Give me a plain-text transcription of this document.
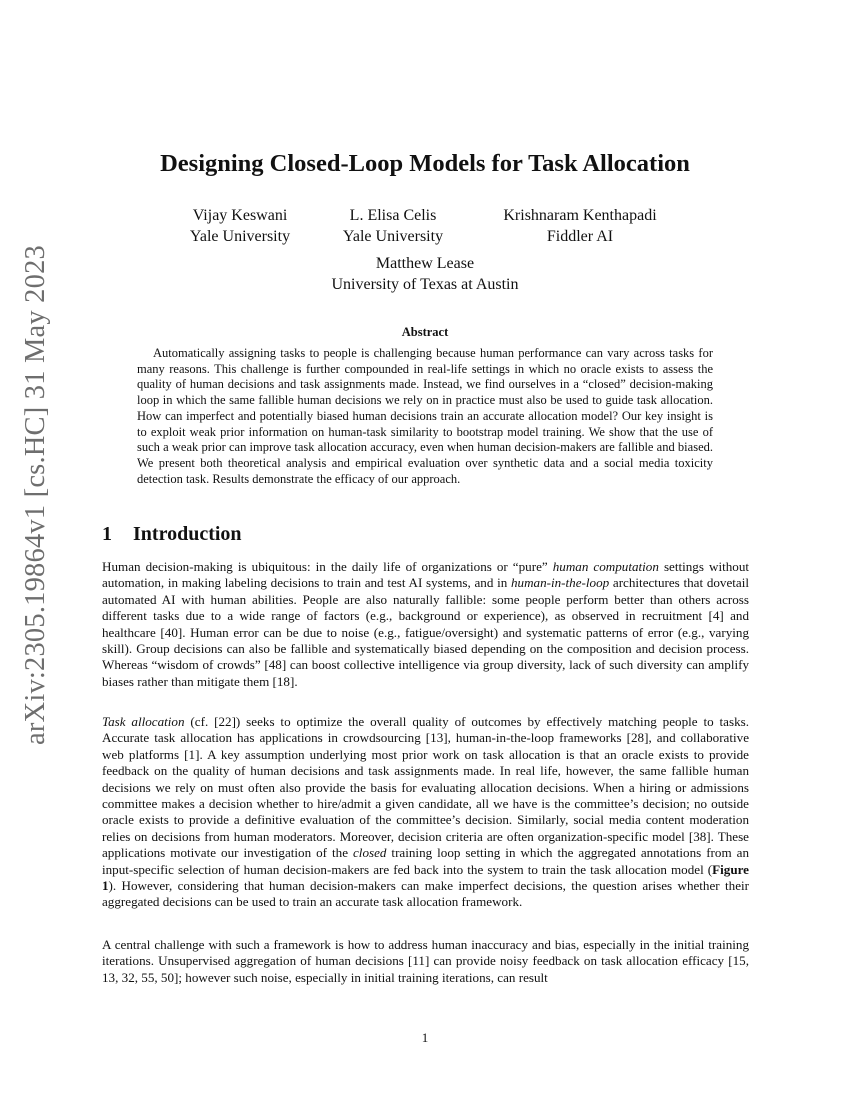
arXiv:2305.19864v1 [cs.HC] 31 May 2023
Designing Closed-Loop Models for Task Allocation
Vijay Keswani
Yale University
L. Elisa Celis
Yale University
Krishnaram Kenthapadi
Fiddler AI
Matthew Lease
University of Texas at Austin
Abstract

Automatically assigning tasks to people is challenging because human performance can vary across tasks for many reasons. This challenge is further compounded in real-life settings in which no oracle exists to assess the quality of human decisions and task assignments made. Instead, we find ourselves in a “closed” decision-making loop in which the same fallible human decisions we rely on in practice must also be used to guide task allocation. How can imperfect and potentially biased human decisions train an accurate allocation model? Our key insight is to exploit weak prior information on human-task similarity to bootstrap model training. We show that the use of such a weak prior can improve task allocation accuracy, even when human decision-makers are fallible and biased. We present both theoretical analysis and empirical evaluation over synthetic data and a social media toxicity detection task. Results demonstrate the efficacy of our approach.

1 Introduction

Human decision-making is ubiquitous: in the daily life of organizations or “pure” human computation settings without automation, in making labeling decisions to train and test AI systems, and in human-in-the-loop architectures that dovetail automated AI with human abilities. People are also naturally fallible: some people perform better than others across different tasks due to a wide range of factors (e.g., background or experience), as observed in recruitment [4] and healthcare [40]. Human error can be due to noise (e.g., fatigue/oversight) and systematic patterns of error (e.g., varying skill). Group decisions can also be fallible and systematically biased depending on the composition and decision process. Whereas “wisdom of crowds” [48] can boost collective intelligence via group diversity, lack of such diversity can amplify biases rather than mitigate them [18].

Task allocation (cf. [22]) seeks to optimize the overall quality of outcomes by effectively matching people to tasks. Accurate task allocation has applications in crowdsourcing [13], human-in-the-loop frameworks [28], and collaborative web platforms [1]. A key assumption underlying most prior work on task allocation is that an oracle exists to provide feedback on the quality of human decisions and task assignments made. In real life, however, the same fallible human decisions we rely on must often also provide the basis for evaluating allocation decisions. When a hiring or admissions committee makes a decision whether to hire/admit a given candidate, all we have is the committee’s decision; no outside oracle exists to provide a definitive evaluation of the committee’s decision. Similarly, social media content moderation relies on decisions from human moderators. Moreover, decision criteria are often organization-specific model [38]. These applications motivate our investigation of the closed training loop setting in which the aggregated annotations from an input-specific selection of human decision-makers are fed back into the system to train the task allocation model (Figure 1). However, considering that human decision-makers can make imperfect decisions, the question arises whether their aggregated decisions can be used to train an accurate task allocation framework.

A central challenge with such a framework is how to address human inaccuracy and bias, especially in the initial training iterations. Unsupervised aggregation of human decisions [11] can provide noisy feedback on task allocation efficacy [15, 13, 32, 55, 50]; however such noise, especially in initial training iterations, can result

1
